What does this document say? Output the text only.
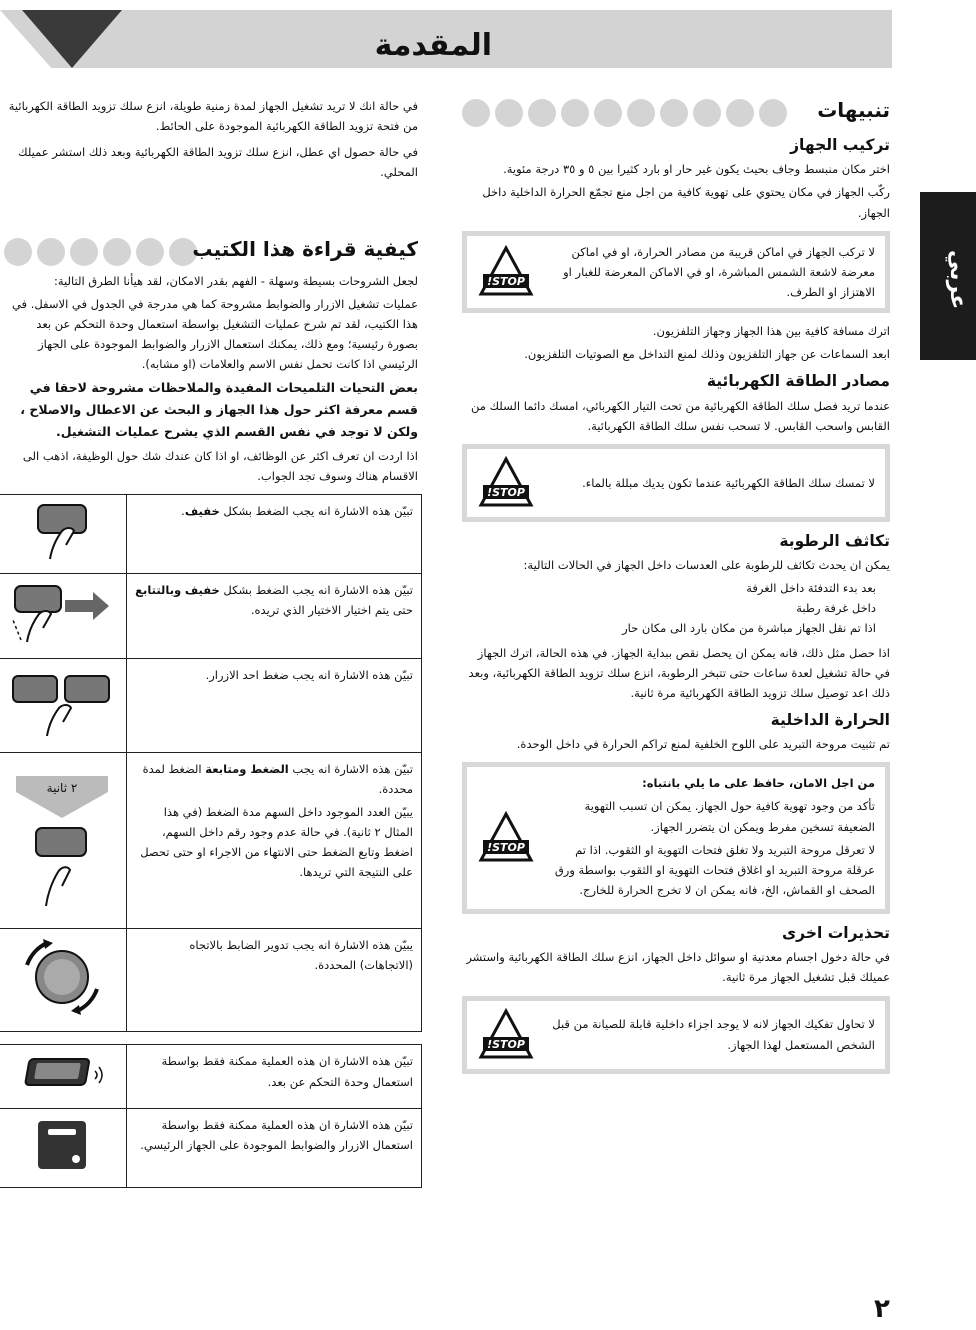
المقدمة
عربي
تنبيهات
تركيب الجهاز

اختر مكان منبسط وجاف بحيث يكون غير حار او بارد كثيرا بين ٥ و ٣٥ درجة مئوية.

ركّب الجهاز في مكان يحتوي على تهوية كافية من اجل منع تجمّع الحرارة الداخلية داخل الجهاز.

STOP!
لا تركب الجهاز في اماكن قريبة من مصادر الحرارة، او في اماكن معرضة لاشعة الشمس المباشرة، او في الاماكن المعرضة للغبار او الاهتزاز او الطرف.

اترك مسافة كافية بين هذا الجهاز وجهاز التلفزيون.

ابعد السماعات عن جهاز التلفزيون وذلك لمنع التداخل مع الصوتيات التلفزيون.

مصادر الطاقة الكهربائية

عندما تريد فصل سلك الطاقة الكهربائية من تحت التيار الكهربائي، امسك دائما السلك من القابس واسحب القابس. لا تسحب نفس سلك الطاقة الكهربائية.

STOP!
لا تمسك سلك الطاقة الكهربائية عندما تكون يديك مبللة بالماء.
تكاثف الرطوبة

يمكن ان يحدث تكاثف للرطوبة على العدسات داخل الجهاز في الحالات التالية:

بعد بدء التدفئة داخل الغرفة
داخل غرفة رطبة
اذا تم نقل الجهاز مباشرة من مكان بارد الى مكان حار

اذا حصل مثل ذلك، فانه يمكن ان يحصل نقص ببداية الجهاز. في هذه الحالة، اترك الجهاز في حالة تشغيل لعدة ساعات حتى تتبخر الرطوبة، انزع سلك تزويد الطاقة الكهربائية، وبعد ذلك اعد توصيل سلك تزويد الطاقة الكهربائية مرة ثانية.

الحرارة الداخلية

تم تثبيت مروحة التبريد على اللوح الخلفية لمنع تراكم الحرارة في داخل الوحدة.

STOP!

من اجل الامان، حافظ على ما يلي بانتباه:

تأكد من وجود تهوية كافية حول الجهاز. يمكن ان تسبب التهوية الضعيفة تسخين مفرط ويمكن ان يتضرر الجهاز.

لا تعرقل مروحة التبريد ولا تغلق فتحات التهوية او الثقوب. اذا تم عرقلة مروحة التبريد او اغلاق فتحات التهوية او الثقوب بواسطة ورق الصحف او القماش، الخ، فانه يمكن ان لا تخرج الحرارة للخارج.

تحذيرات اخرى

في حالة دخول اجسام معدنية او سوائل داخل الجهاز، انزع سلك الطاقة الكهربائية واستشر عميلك قبل تشغيل الجهاز مرة ثانية.

STOP!
لا تحاول تفكيك الجهاز لانه لا يوجد اجزاء داخلية قابلة للصيانة من قبل الشخص المستعمل لهذا الجهاز.

في حالة انك لا تريد تشغيل الجهاز لمدة زمنية طويلة، انزع سلك تزويد الطاقة الكهربائية من فتحة تزويد الطاقة الكهربائية الموجودة على الحائط.

في حالة حصول اي عطل، انزع سلك تزويد الطاقة الكهربائية وبعد ذلك استشر عميلك المحلي.

كيفية قراءة هذا الكتيب

لجعل الشروحات بسيطة وسهلة - الفهم بقدر الامكان، لقد هيأنا الطرق التالية:

عمليات تشغيل الازرار والضوابط مشروحة كما هي مدرجة في الجدول في الاسفل. في هذا الكتيب، لقد تم شرح عمليات التشغيل بواسطة استعمال وحدة التحكم عن بعد بصورة رئيسية؛ ومع ذلك، يمكنك استعمال الازرار والضوابط الموجودة على الجهاز الرئيسي اذا كانت تحمل نفس الاسم والعلامات (او مشابه).

بعض التحيات التلميحات المفيدة والملاحظات مشروحة لاحقا في قسم معرفة اكثر حول هذا الجهاز و البحث عن الاعطال والاصلاح ، ولكن لا توجد في نفس القسم الذي يشرح عمليات التشغيل.

اذا اردت ان تعرف اكثر عن الوظائف، او اذا كان عندك شك حول الوظيفة، اذهب الى الاقسام هناك وسوف تجد الجواب.

تبيّن هذه الاشارة انه يجب الضغط بشكل خفيف.	
تبيّن هذه الاشارة انه يجب الضغط بشكل خفيف وبالتتابع حتى يتم اختيار الاختيار الذي تريده.	
تبيّن هذه الاشارة انه يجب ضغط احد الازرار.	
تبيّن هذه الاشارة انه يجب الضغط ومتابعة الضغط لمدة محددة.

يبيّن العدد الموجود داخل السهم مدة الضغط (في هذا المثال ٢ ثانية). في حالة عدم وجود رقم داخل السهم، اضغط وتابع الضغط حتى الانتهاء من الاجراء او حتى تحصل على النتيجة التي تريدها.	٢ ثانية

يبيّن هذه الاشارة انه يجب تدوير الضابط بالاتجاه (الاتجاهات) المحددة.	
تبيّن هذه الاشارة ان هذه العملية ممكنة فقط بواسطة استعمال وحدة التحكم عن بعد.	
تبيّن هذه الاشارة ان هذه العملية ممكنة فقط بواسطة استعمال الازرار والضوابط الموجودة على الجهاز الرئيسي.	
٢
